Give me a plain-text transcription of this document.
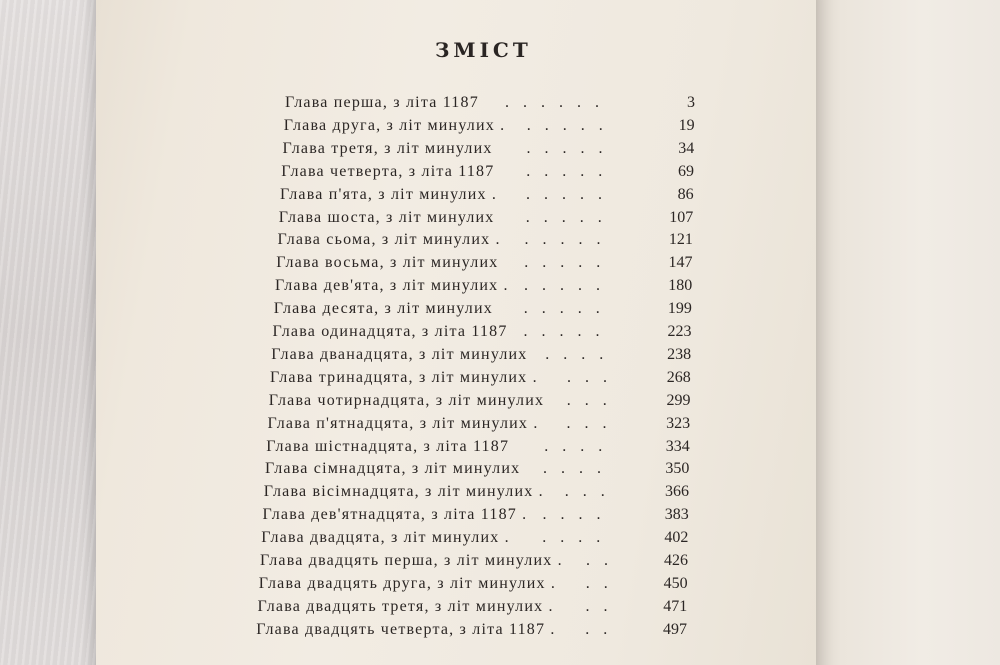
ЗМІСТ
Глава перша, з літа 1187 ......	3
Глава друга, з літ минулих . .....	19
Глава третя, з літ минулих .....	34
Глава четверта, з літа 1187 .....	69
Глава п'ята, з літ минулих . .....	86
Глава шоста, з літ минулих .....	107
Глава сьома, з літ минулих . .....	121
Глава восьма, з літ минулих .....	147
Глава дев'ята, з літ минулих . .....	180
Глава десята, з літ минулих .....	199
Глава одинадцята, з літа 1187 .....	223
Глава дванадцята, з літ минулих ....	238
Глава тринадцята, з літ минулих . ...	268
Глава чотирнадцята, з літ минулих ...	299
Глава п'ятнадцята, з літ минулих . ...	323
Глава шістнадцята, з літа 1187 ....	334
Глава сімнадцята, з літ минулих ....	350
Глава вісімнадцята, з літ минулих . ...	366
Глава дев'ятнадцята, з літа 1187 . ....	383
Глава двадцята, з літ минулих . ....	402
Глава двадцять перша, з літ минулих . ..	426
Глава двадцять друга, з літ минулих . ..	450
Глава двадцять третя, з літ минулих . ..	471
Глава двадцять четверта, з літа 1187 . ..	497
